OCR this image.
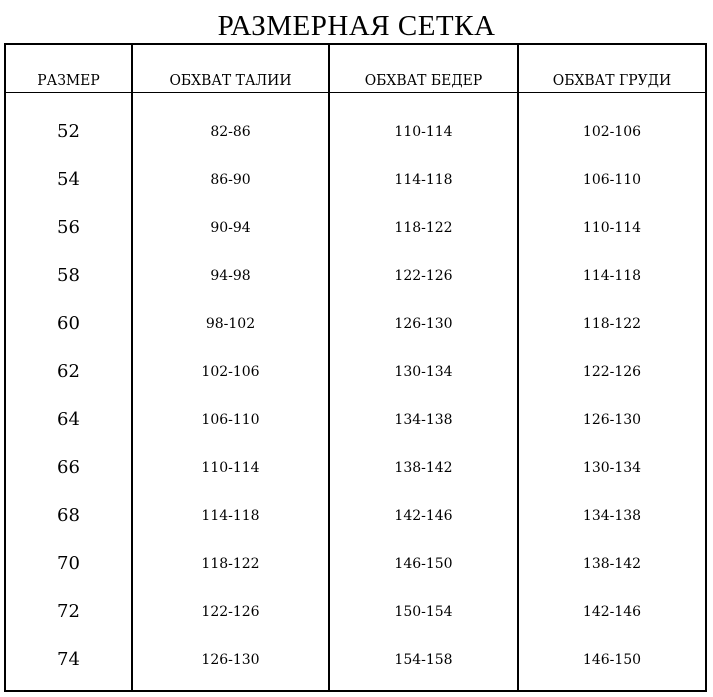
РАЗМЕРНАЯ СЕТКА
РАЗМЕР	ОБХВАТ ТАЛИИ	ОБХВАТ БЕДЕР	ОБХВАТ ГРУДИ
52	82-86	110-114	102-106
54	86-90	114-118	106-110
56	90-94	118-122	110-114
58	94-98	122-126	114-118
60	98-102	126-130	118-122
62	102-106	130-134	122-126
64	106-110	134-138	126-130
66	110-114	138-142	130-134
68	114-118	142-146	134-138
70	118-122	146-150	138-142
72	122-126	150-154	142-146
74	126-130	154-158	146-150
